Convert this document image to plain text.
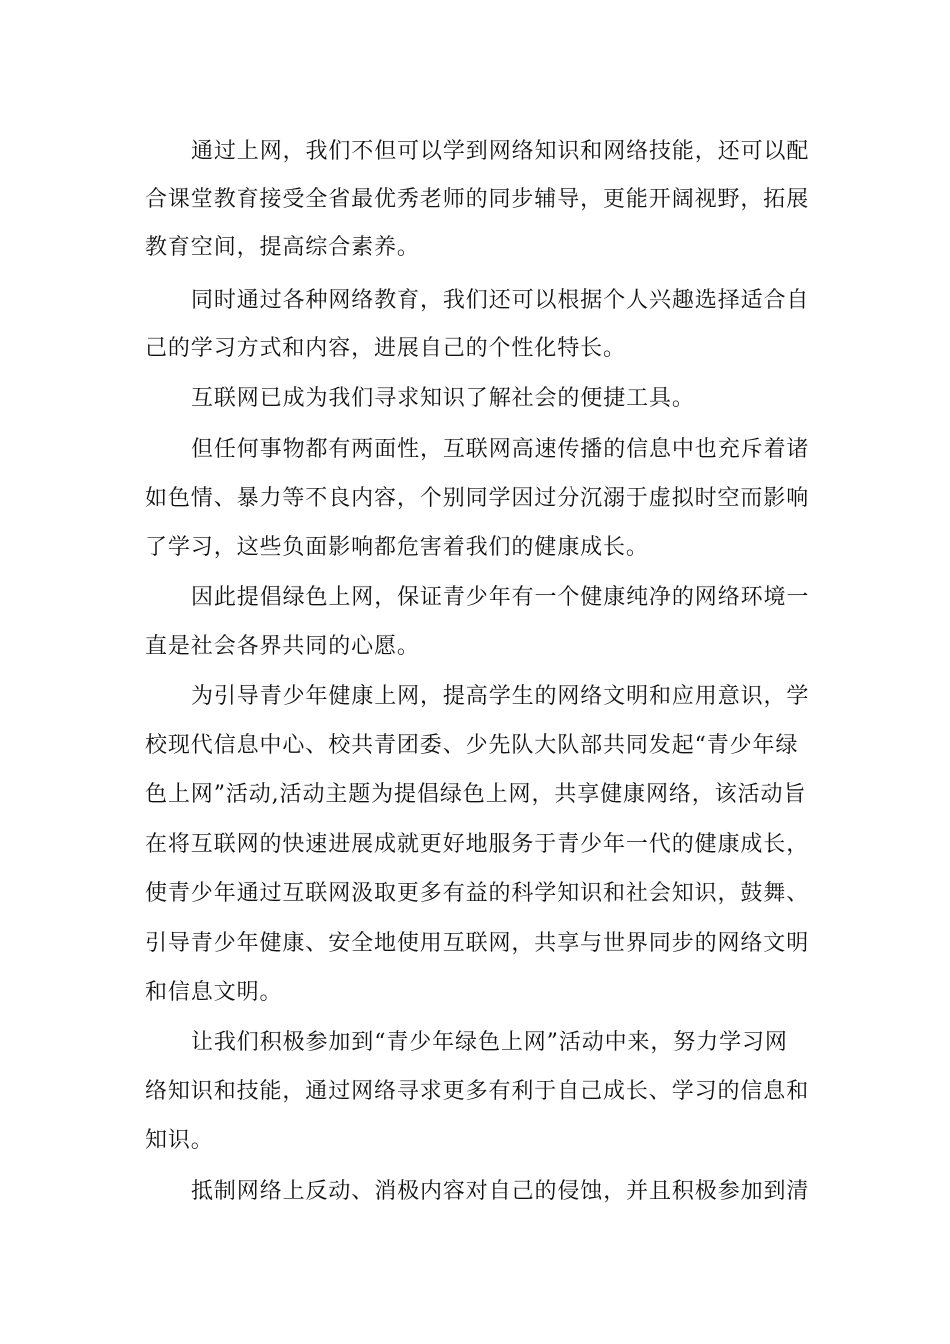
通过上网，我们不但可以学到网络知识和网络技能，还可以配
合课堂教育接受全省最优秀老师的同步辅导，更能开阔视野，拓展
教育空间，提高综合素养。
同时通过各种网络教育，我们还可以根据个人兴趣选择适合自
己的学习方式和内容，进展自己的个性化特长。
互联网已成为我们寻求知识了解社会的便捷工具。
但任何事物都有两面性，互联网高速传播的信息中也充斥着诸
如色情、暴力等不良内容，个别同学因过分沉溺于虚拟时空而影响
了学习，这些负面影响都危害着我们的健康成长。
因此提倡绿色上网，保证青少年有一个健康纯净的网络环境一
直是社会各界共同的心愿。
为引导青少年健康上网，提高学生的网络文明和应用意识，学
校现代信息中心、校共青团委、少先队大队部共同发起“青少年绿
色上网”活动,活动主题为提倡绿色上网，共享健康网络，该活动旨
在将互联网的快速进展成就更好地服务于青少年一代的健康成长，
使青少年通过互联网汲取更多有益的科学知识和社会知识，鼓舞、
引导青少年健康、安全地使用互联网，共享与世界同步的网络文明
和信息文明。
让我们积极参加到“青少年绿色上网”活动中来，努力学习网
络知识和技能，通过网络寻求更多有利于自己成长、学习的信息和
知识。
抵制网络上反动、消极内容对自己的侵蚀，并且积极参加到清
